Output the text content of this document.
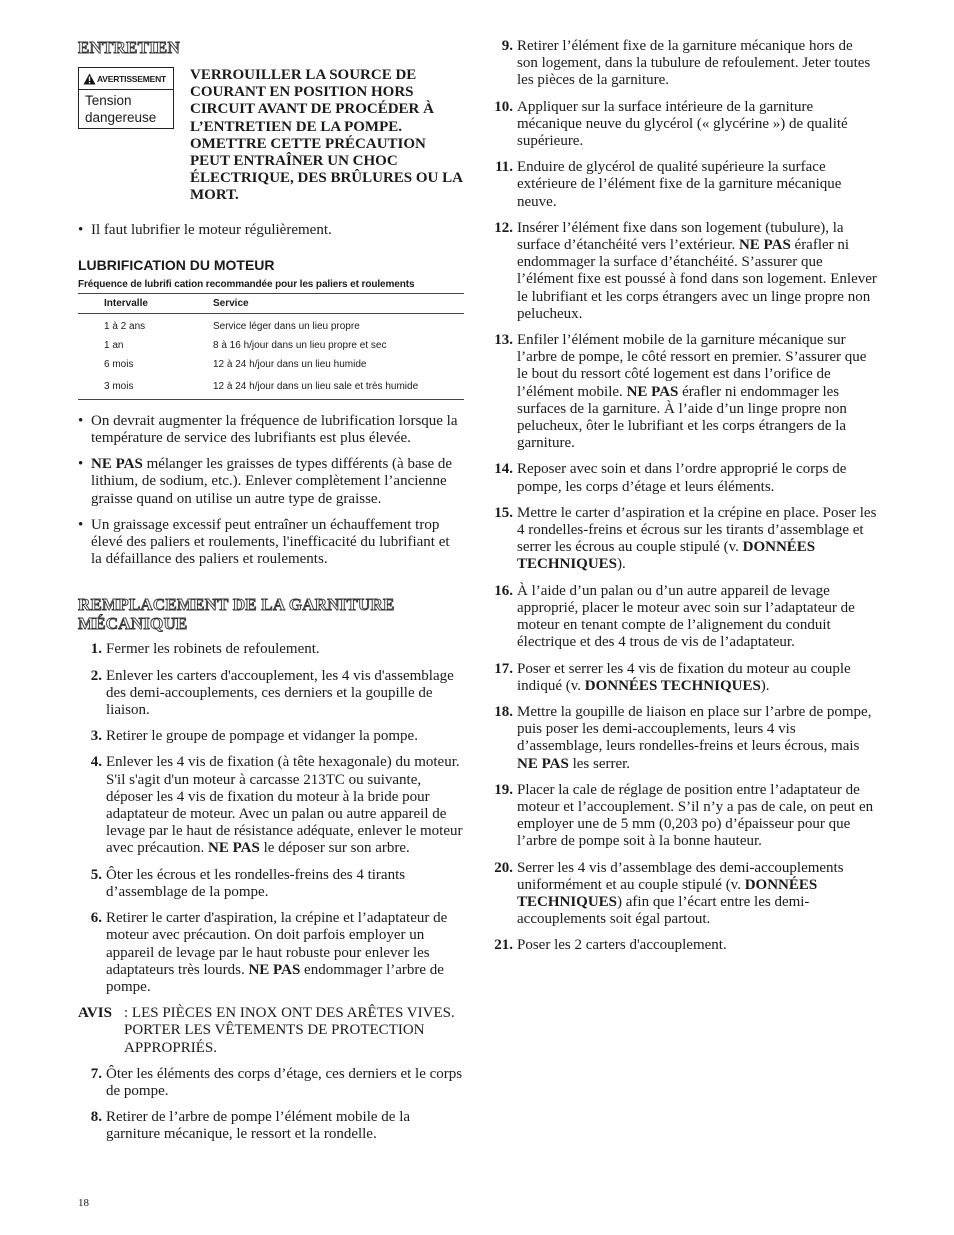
ENTRETIEN
AVERTISSEMENT
Tension dangereuse
VERROUILLER LA SOURCE DE COURANT EN POSITION HORS CIRCUIT AVANT DE PROCÉDER À L’ENTRETIEN DE LA POMPE. OMETTRE CETTE PRÉCAUTION PEUT ENTRAÎNER UN CHOC ÉLECTRIQUE, DES BRÛLURES OU LA MORT.
• Il faut lubrifier le moteur régulièrement.
LUBRIFICATION DU MOTEUR
Fréquence de lubrifi cation recommandée pour les paliers et roulements
Intervalle	Service
1 à 2 ans	Service léger dans un lieu propre
1 an	8 à 16 h/jour dans un lieu propre et sec
6 mois	12 à 24 h/jour dans un lieu humide
3 mois	12 à 24 h/jour dans un lieu sale et très humide
• On devrait augmenter la fréquence de lubrification lorsque la température de service des lubrifiants est plus élevée.
• NE PAS mélanger les graisses de types différents (à base de lithium, de sodium, etc.). Enlever complètement l’ancienne graisse quand on utilise un autre type de graisse.
• Un graissage excessif peut entraîner un échauffement trop élevé des paliers et roulements, l'inefficacité du lubrifiant et la défaillance des paliers et roulements.
REMPLACEMENT DE LA GARNITURE
MÉCANIQUE
1. Fermer les robinets de refoulement.
2. Enlever les carters d'accouplement, les 4 vis d'assemblage des demi-accouplements, ces derniers et la goupille de liaison.
3. Retirer le groupe de pompage et vidanger la pompe.
4. Enlever les 4 vis de fixation (à tête hexagonale) du moteur. S'il s'agit d'un moteur à carcasse 213TC ou suivante, déposer les 4 vis de fixation du moteur à la bride pour adaptateur de moteur. Avec un palan ou autre appareil de levage par le haut de résistance adéquate, enlever le moteur avec précaution. NE PAS le déposer sur son arbre.
5. Ôter les écrous et les rondelles-freins des 4 tirants d’assemblage de la pompe.
6. Retirer le carter d'aspiration, la crépine et l’adaptateur de moteur avec précaution. On doit parfois employer un appareil de levage par le haut robuste pour enlever les adaptateurs très lourds. NE PAS endommager l’arbre de pompe.
AVIS : LES PIÈCES EN INOX ONT DES ARÊTES VIVES. PORTER LES VÊTEMENTS DE PROTECTION APPROPRIÉS.
7. Ôter les éléments des corps d’étage, ces derniers et le corps de pompe.
8. Retirer de l’arbre de pompe l’élément mobile de la garniture mécanique, le ressort et la rondelle.
9. Retirer l’élément fixe de la garniture mécanique hors de son logement, dans la tubulure de refoulement. Jeter toutes les pièces de la garniture.
10. Appliquer sur la surface intérieure de la garniture mécanique neuve du glycérol (« glycérine ») de qualité supérieure.
11. Enduire de glycérol de qualité supérieure la surface extérieure de l’élément fixe de la garniture mécanique neuve.
12. Insérer l’élément fixe dans son logement (tubulure), la surface d’étanchéité vers l’extérieur. NE PAS érafler ni endommager la surface d’étanchéité. S’assurer que l’élément fixe est poussé à fond dans son logement. Enlever le lubrifiant et les corps étrangers avec un linge propre non pelucheux.
13. Enfiler l’élément mobile de la garniture mécanique sur l’arbre de pompe, le côté ressort en premier. S’assurer que le bout du ressort côté logement est dans l’orifice de l’élément mobile. NE PAS érafler ni endommager les surfaces de la garniture. À l’aide d’un linge propre non pelucheux, ôter le lubrifiant et les corps étrangers de la garniture.
14. Reposer avec soin et dans l’ordre approprié le corps de pompe, les corps d’étage et leurs éléments.
15. Mettre le carter d’aspiration et la crépine en place. Poser les 4 rondelles-freins et écrous sur les tirants d’assemblage et serrer les écrous au couple stipulé (v. DONNÉES TECHNIQUES).
16. À l’aide d’un palan ou d’un autre appareil de levage approprié, placer le moteur avec soin sur l’adaptateur de moteur en tenant compte de l’alignement du conduit électrique et des 4 trous de vis de l’adaptateur.
17. Poser et serrer les 4 vis de fixation du moteur au couple indiqué (v. DONNÉES TECHNIQUES).
18. Mettre la goupille de liaison en place sur l’arbre de pompe, puis poser les demi-accouplements, leurs 4 vis d’assemblage, leurs rondelles-freins et leurs écrous, mais NE PAS les serrer.
19. Placer la cale de réglage de position entre l’adaptateur de moteur et l’accouplement. S’il n’y a pas de cale, on peut en employer une de 5 mm (0,203 po) d’épaisseur pour que l’arbre de pompe soit à la bonne hauteur.
20. Serrer les 4 vis d’assemblage des demi-accouplements uniformément et au couple stipulé (v. DONNÉES TECHNIQUES) afin que l’écart entre les demi-accouplements soit égal partout.
21. Poser les 2 carters d'accouplement.
18
